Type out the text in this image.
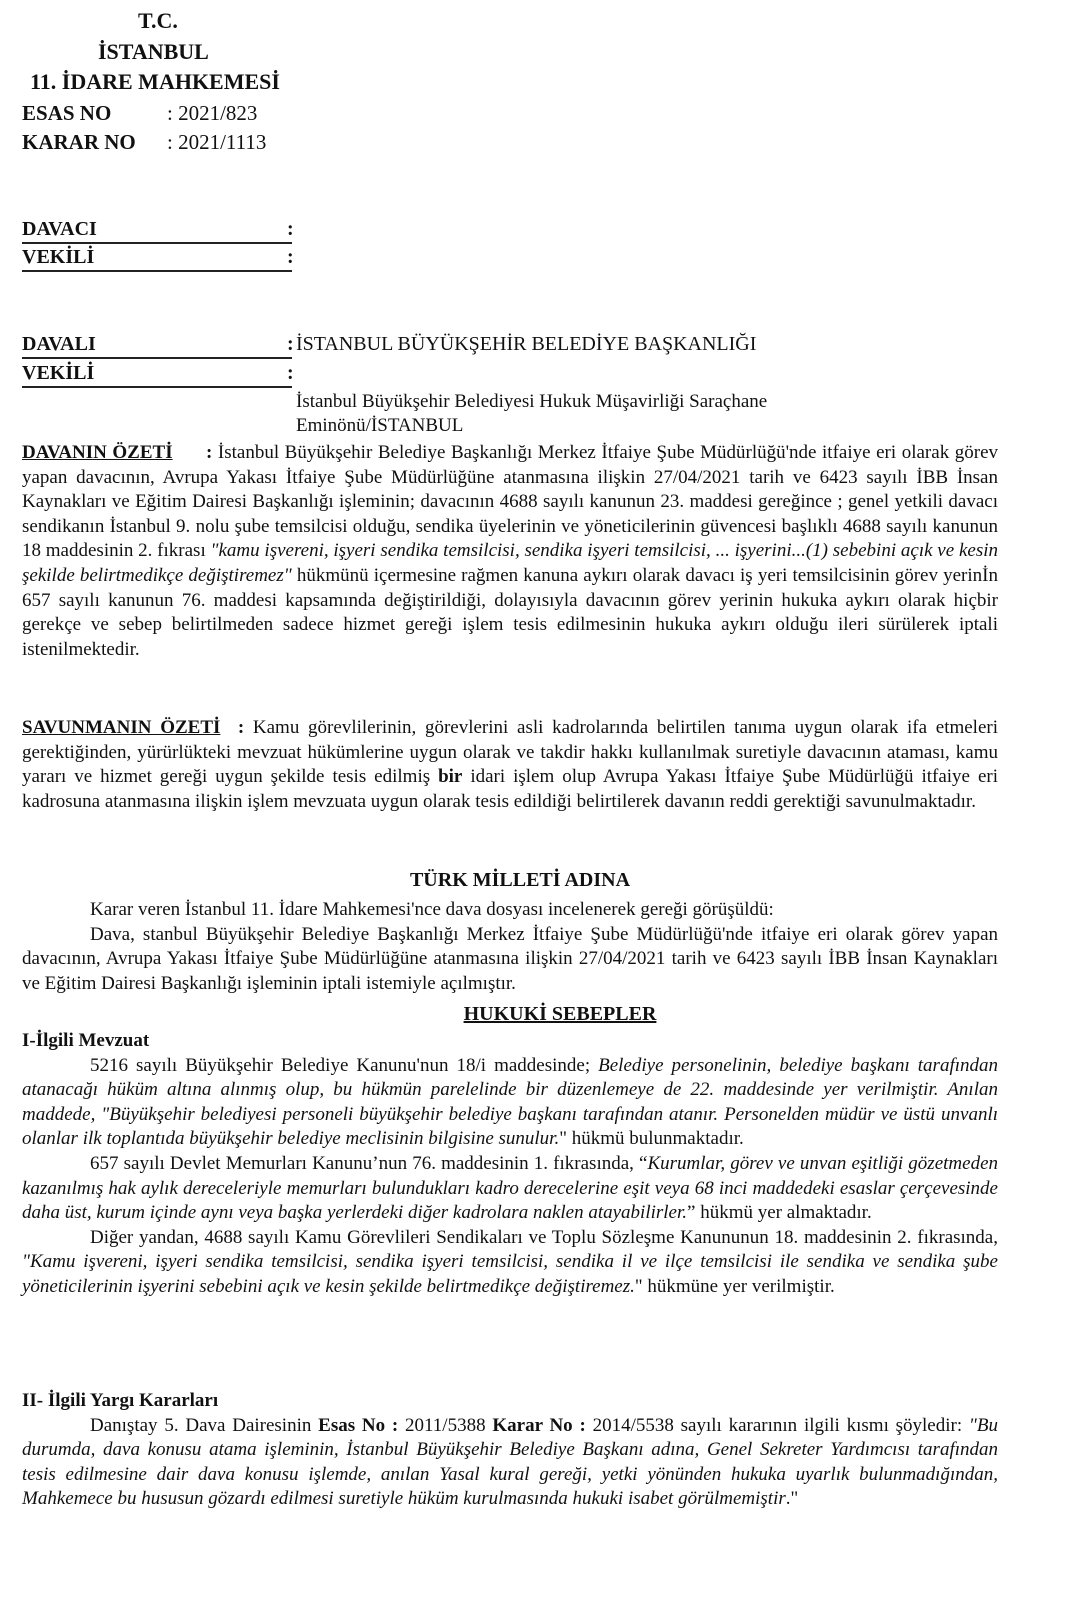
T.C.
İSTANBUL
11. İDARE MAHKEMESİ
ESAS NO	: 2021/823
KARAR NO : 2021/1113
DAVACI	:
VEKİLİ	:
DAVALI	: İSTANBUL BÜYÜKŞEHİR BELEDİYE BAŞKANLIĞI
VEKİLİ	:
İstanbul Büyükşehir Belediyesi Hukuk Müşavirliği Saraçhane
Eminönü/İSTANBUL

DAVANIN ÖZETİ      : İstanbul Büyükşehir Belediye Başkanlığı Merkez İtfaiye Şube Müdürlüğü'nde itfaiye eri olarak görev yapan davacının, Avrupa Yakası İtfaiye Şube Müdürlüğüne atanmasına ilişkin 27/04/2021 tarih ve 6423 sayılı İBB İnsan Kaynakları ve Eğitim Dairesi Başkanlığı işleminin; davacının 4688 sayılı kanunun 23. maddesi gereğince ; genel yetkili davacı sendikanın İstanbul 9. nolu şube temsilcisi olduğu, sendika üyelerinin ve yöneticilerinin güvencesi başlıklı 4688 sayılı kanunun 18 maddesinin 2. fıkrası "kamu işvereni, işyeri sendika temsilcisi, sendika işyeri temsilcisi, ... işyerini...(1) sebebini açık ve kesin şekilde belirtmedikçe değiştiremez" hükmünü içermesine rağmen kanuna aykırı olarak davacı iş yeri temsilcisinin görev yerinİn 657 sayılı kanunun 76. maddesi kapsamında değiştirildiği, dolayısıyla davacının görev yerinin hukuka aykırı olarak hiçbir gerekçe ve sebep belirtilmeden sadece hizmet gereği işlem tesis edilmesinin hukuka aykırı olduğu ileri sürülerek iptali istenilmektedir.

SAVUNMANIN ÖZETİ  : Kamu görevlilerinin, görevlerini asli kadrolarında belirtilen tanıma uygun olarak ifa etmeleri gerektiğinden, yürürlükteki mevzuat hükümlerine uygun olarak ve takdir hakkı kullanılmak suretiyle davacının ataması, kamu yararı ve hizmet gereği uygun şekilde tesis edilmiş bir idari işlem olup Avrupa Yakası İtfaiye Şube Müdürlüğü itfaiye eri kadrosuna atanmasına ilişkin işlem mevzuata uygun olarak tesis edildiği belirtilerek davanın reddi gerektiği savunulmaktadır.

TÜRK MİLLETİ ADINA

Karar veren İstanbul 11. İdare Mahkemesi'nce dava dosyası incelenerek gereği görüşüldü:

Dava, stanbul Büyükşehir Belediye Başkanlığı Merkez İtfaiye Şube Müdürlüğü'nde itfaiye eri olarak görev yapan davacının, Avrupa Yakası İtfaiye Şube Müdürlüğüne atanmasına ilişkin 27/04/2021 tarih ve 6423 sayılı İBB İnsan Kaynakları ve Eğitim Dairesi Başkanlığı işleminin iptali istemiyle açılmıştır.

HUKUKİ SEBEPLER

I-İlgili Mevzuat

5216 sayılı Büyükşehir Belediye Kanunu'nun 18/i maddesinde; Belediye personelinin, belediye başkanı tarafından atanacağı hüküm altına alınmış olup, bu hükmün parelelinde bir düzenlemeye de 22. maddesinde yer verilmiştir. Anılan maddede, "Büyükşehir belediyesi personeli büyükşehir belediye başkanı tarafından atanır. Personelden müdür ve üstü unvanlı olanlar ilk toplantıda büyükşehir belediye meclisinin bilgisine sunulur." hükmü bulunmaktadır.

657 sayılı Devlet Memurları Kanunu’nun 76. maddesinin 1. fıkrasında, “Kurumlar, görev ve unvan eşitliği gözetmeden kazanılmış hak aylık dereceleriyle memurları bulundukları kadro derecelerine eşit veya 68 inci maddedeki esaslar çerçevesinde daha üst, kurum içinde aynı veya başka yerlerdeki diğer kadrolara naklen atayabilirler.” hükmü yer almaktadır.

Diğer yandan, 4688 sayılı Kamu Görevlileri Sendikaları ve Toplu Sözleşme Kanununun 18. maddesinin 2. fıkrasında, "Kamu işvereni, işyeri sendika temsilcisi, sendika işyeri temsilcisi, sendika il ve ilçe temsilcisi ile sendika ve sendika şube yöneticilerinin işyerini sebebini açık ve kesin şekilde belirtmedikçe değiştiremez." hükmüne yer verilmiştir.

II- İlgili Yargı Kararları

Danıştay 5. Dava Dairesinin Esas No : 2011/5388 Karar No : 2014/5538 sayılı kararının ilgili kısmı şöyledir: "Bu durumda, dava konusu atama işleminin, İstanbul Büyükşehir Belediye Başkanı adına, Genel Sekreter Yardımcısı tarafından tesis edilmesine dair dava konusu işlemde, anılan Yasal kural gereği, yetki yönünden hukuka uyarlık bulunmadığından, Mahkemece bu hususun gözardı edilmesi suretiyle hüküm kurulmasında hukuki isabet görülmemiştir."
